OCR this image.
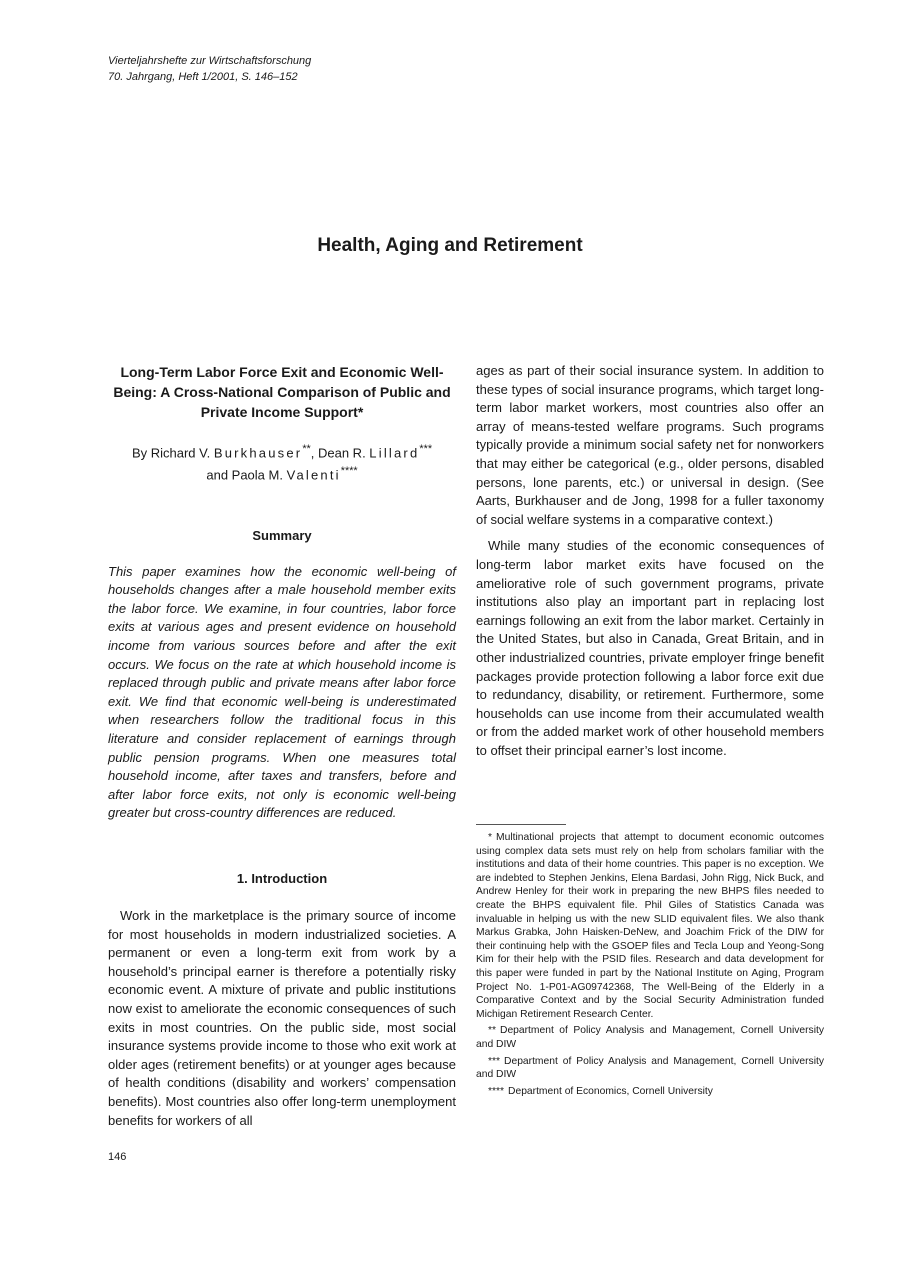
Vierteljahrshefte zur Wirtschaftsforschung
70. Jahrgang, Heft 1/2001, S. 146–152
Health, Aging and Retirement
Long-Term Labor Force Exit and Economic Well-Being: A Cross-National Comparison of Public and Private Income Support*
By Richard V. Burkhauser**, Dean R. Lillard***
and Paola M. Valenti****
Summary

This paper examines how the economic well-being of households changes after a male household member exits the labor force. We examine, in four countries, labor force exits at various ages and present evidence on household income from various sources before and after the exit occurs. We focus on the rate at which household income is replaced through public and private means after labor force exit. We find that economic well-being is underestimated when researchers follow the traditional focus in this literature and consider replacement of earnings through public pension programs. When one measures total household income, after taxes and transfers, before and after labor force exits, not only is economic well-being greater but cross-country differences are reduced.

1. Introduction

Work in the marketplace is the primary source of income for most households in modern industrialized societies. A permanent or even a long-term exit from work by a household’s principal earner is therefore a potentially risky economic event. A mixture of private and public institutions now exist to ameliorate the economic consequences of such exits in most countries. On the public side, most social insurance systems provide income to those who exit work at older ages (retirement benefits) or at younger ages because of health conditions (disability and workers’ compensation benefits). Most countries also offer long-term unemployment benefits for workers of all

ages as part of their social insurance system. In addition to these types of social insurance programs, which target long-term labor market workers, most countries also offer an array of means-tested welfare programs. Such programs typically provide a minimum social safety net for nonworkers that may either be categorical (e.g., older persons, disabled persons, lone parents, etc.) or universal in design. (See Aarts, Burkhauser and de Jong, 1998 for a fuller taxonomy of social welfare systems in a comparative context.)

While many studies of the economic consequences of long-term labor market exits have focused on the ameliorative role of such government programs, private institutions also play an important part in replacing lost earnings following an exit from the labor market. Certainly in the United States, but also in Canada, Great Britain, and in other industrialized countries, private employer fringe benefit packages provide protection following a labor force exit due to redundancy, disability, or retirement. Furthermore, some households can use income from their accumulated wealth or from the added market work of other household members to offset their principal earner’s lost income.

* Multinational projects that attempt to document economic outcomes using complex data sets must rely on help from scholars familiar with the institutions and data of their home countries. This paper is no exception. We are indebted to Stephen Jenkins, Elena Bardasi, John Rigg, Nick Buck, and Andrew Henley for their work in preparing the new BHPS files needed to create the BHPS equivalent file. Phil Giles of Statistics Canada was invaluable in helping us with the new SLID equivalent files. We also thank Markus Grabka, John Haisken-DeNew, and Joachim Frick of the DIW for their continuing help with the GSOEP files and Tecla Loup and Yeong-Song Kim for their help with the PSID files. Research and data development for this paper were funded in part by the National Institute on Aging, Program Project No. 1-P01-AG09742368, The Well-Being of the Elderly in a Comparative Context and by the Social Security Administration funded Michigan Retirement Research Center.
** Department of Policy Analysis and Management, Cornell University and DIW
*** Department of Policy Analysis and Management, Cornell University and DIW
**** Department of Economics, Cornell University
146
